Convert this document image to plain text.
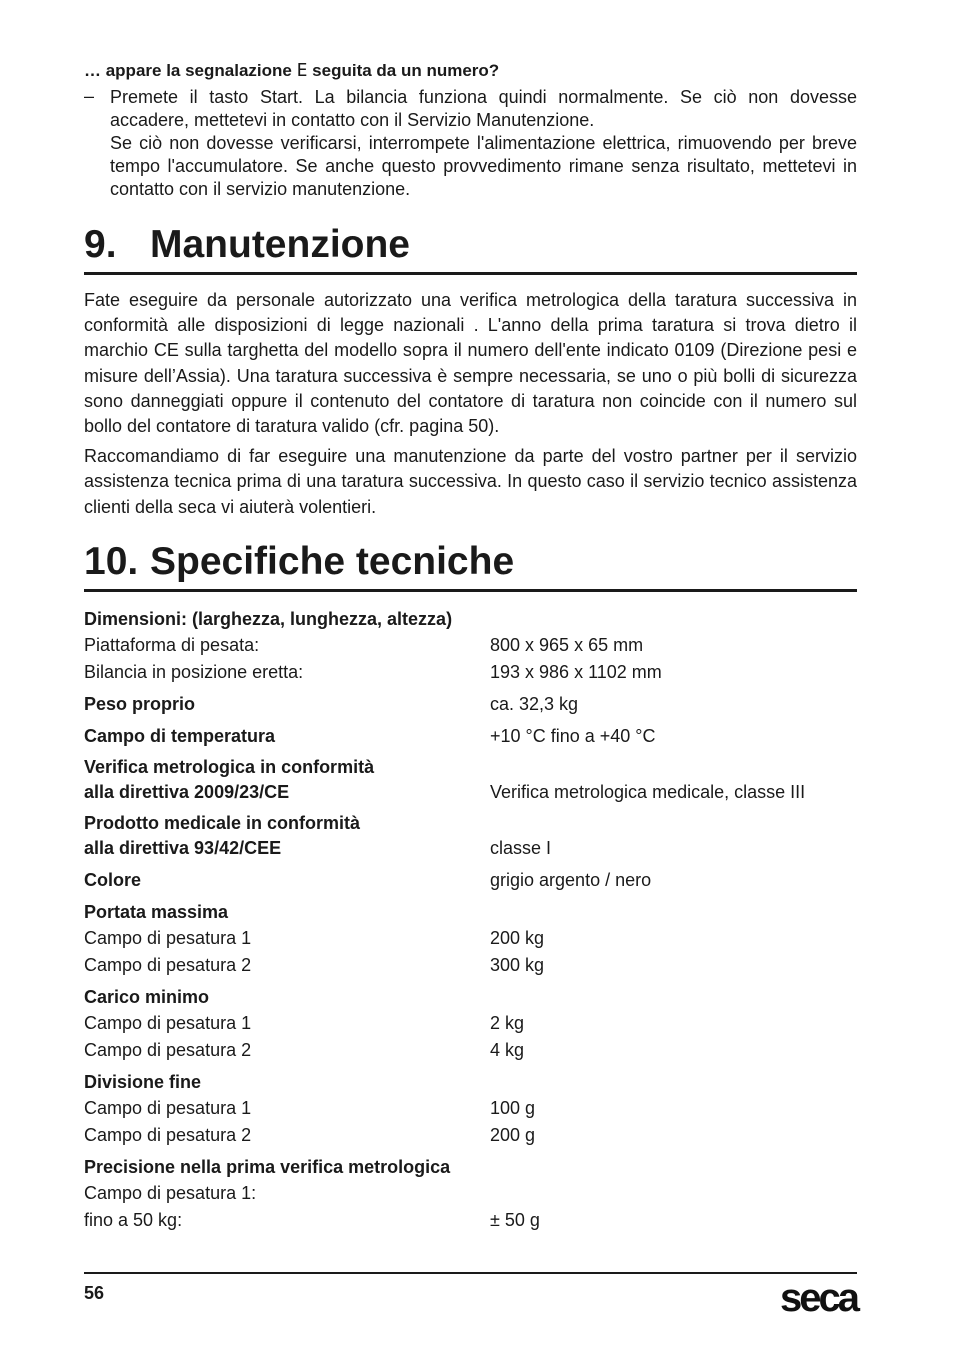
… appare la segnalazione E seguita da un numero?
– Premete il tasto Start. La bilancia funziona quindi normalmente. Se ciò non dovesse accadere, mettetevi in contatto con il Servizio Manutenzione.

Se ciò non dovesse verificarsi, interrompete l'alimentazione elettrica, rimuovendo per breve tempo l'accumulatore. Se anche questo provvedimento rimane senza risultato, mettetevi in contatto con il servizio manutenzione.

9. Manutenzione

Fate eseguire da personale autorizzato una verifica metrologica della taratura successiva in conformità alle disposizioni di legge nazionali . L'anno della prima taratura si trova dietro il marchio CE sulla targhetta del modello sopra il numero dell'ente indicato 0109 (Direzione pesi e misure dell’Assia). Una taratura successiva è sempre necessaria, se uno o più bolli di sicurezza sono danneggiati oppure il contenuto del contatore di taratura non coincide con il numero sul bollo del contatore di taratura valido (cfr. pagina 50).

Raccomandiamo di far eseguire una manutenzione da parte del vostro partner per il servizio assistenza tecnica prima di una taratura successiva. In questo caso il servizio tecnico assistenza clienti della seca vi aiuterà volentieri.

10. Specifiche tecniche
Dimensioni: (larghezza, lunghezza, altezza)
Piattaforma di pesata:	800 x 965 x 65 mm
Bilancia in posizione eretta:	193 x 986 x 1102 mm
Peso proprio	ca. 32,3 kg
Campo di temperatura	+10 °C fino a +40 °C
Verifica metrologica in conformità
alla direttiva 2009/23/CE	Verifica metrologica medicale, classe III
Prodotto medicale in conformità
alla direttiva 93/42/CEE	classe I
Colore	grigio argento / nero
Portata massima
Campo di pesatura 1	200 kg
Campo di pesatura 2	300 kg
Carico minimo
Campo di pesatura 1	2 kg
Campo di pesatura 2	4 kg
Divisione fine
Campo di pesatura 1	100 g
Campo di pesatura 2	200 g
Precisione nella prima verifica metrologica
Campo di pesatura 1:
fino a 50 kg:	± 50 g
56	seca
